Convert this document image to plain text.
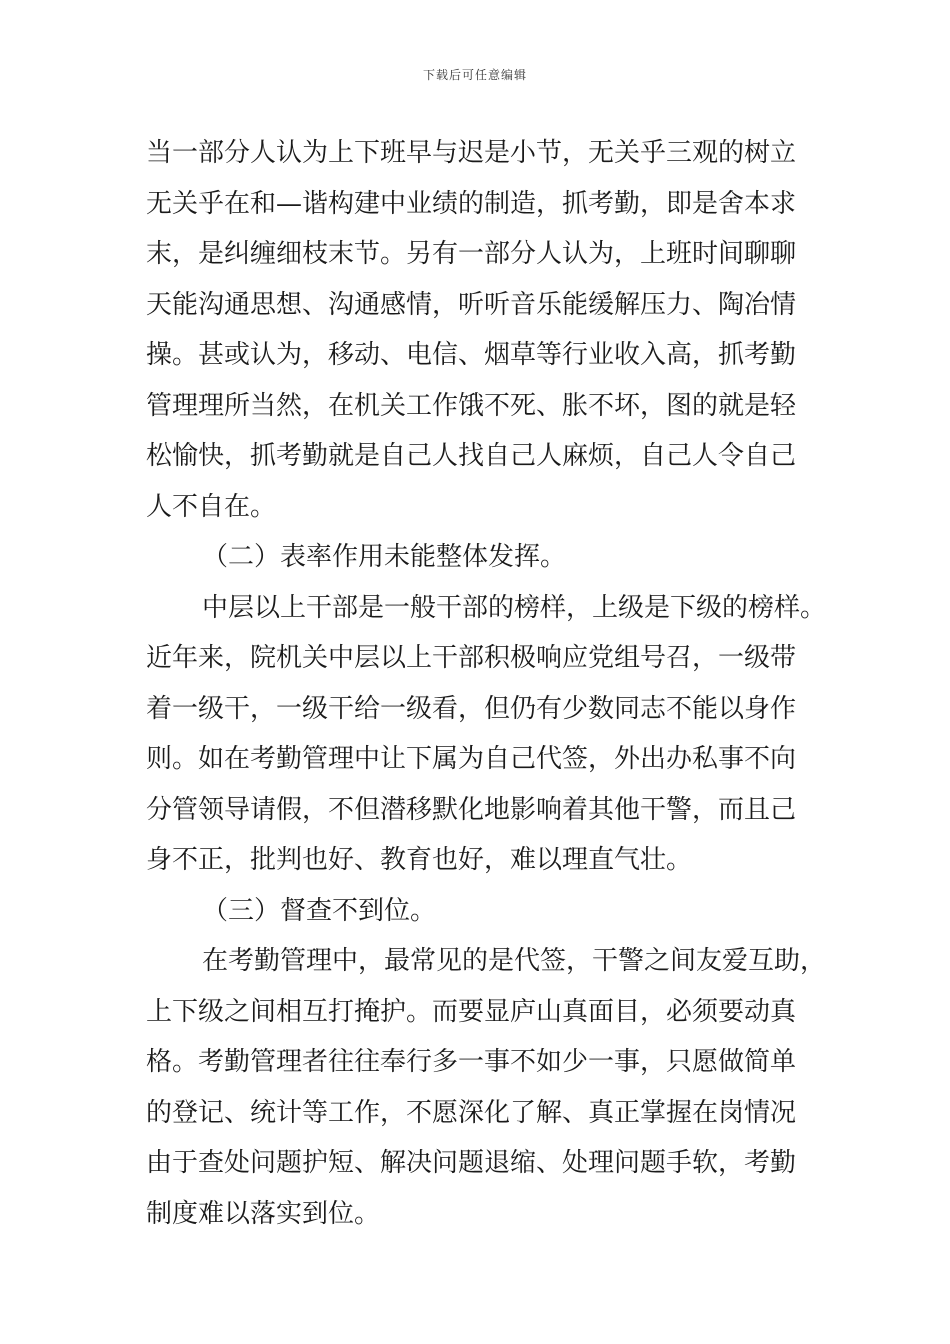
下载后可任意编辑
当一部分人认为上下班早与迟是小节，无关乎三观的树立
无关乎在和—谐构建中业绩的制造，抓考勤，即是舍本求
末，是纠缠细枝末节。另有一部分人认为，上班时间聊聊
天能沟通思想、沟通感情，听听音乐能缓解压力、陶冶情
操。甚或认为，移动、电信、烟草等行业收入高，抓考勤
管理理所当然，在机关工作饿不死、胀不坏，图的就是轻
松愉快，抓考勤就是自己人找自己人麻烦，自己人令自己
人不自在。
（二）表率作用未能整体发挥。
中层以上干部是一般干部的榜样，上级是下级的榜样。
近年来，院机关中层以上干部积极响应党组号召，一级带
着一级干，一级干给一级看，但仍有少数同志不能以身作
则。如在考勤管理中让下属为自己代签，外出办私事不向
分管领导请假，不但潜移默化地影响着其他干警，而且己
身不正，批判也好、教育也好，难以理直气壮。
（三）督查不到位。
在考勤管理中，最常见的是代签，干警之间友爱互助，
上下级之间相互打掩护。而要显庐山真面目，必须要动真
格。考勤管理者往往奉行多一事不如少一事，只愿做简单
的登记、统计等工作，不愿深化了解、真正掌握在岗情况
由于查处问题护短、解决问题退缩、处理问题手软，考勤
制度难以落实到位。
